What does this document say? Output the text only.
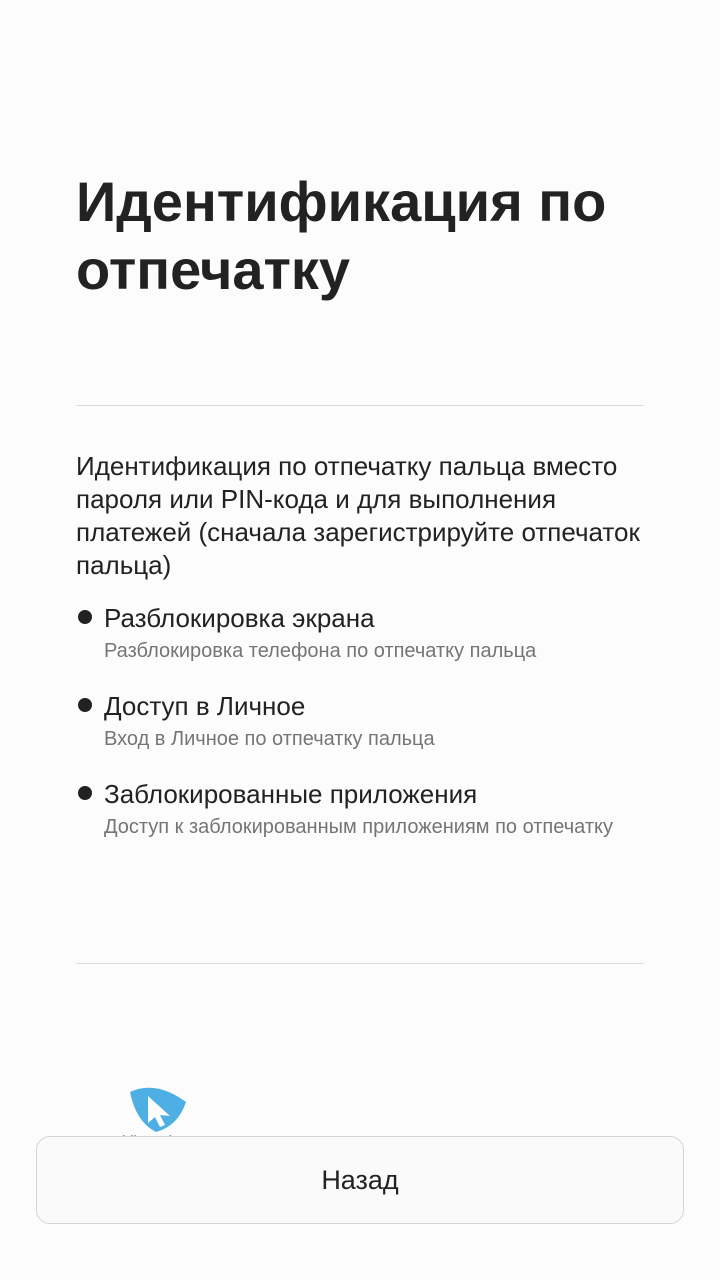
Идентификация по отпечатку

Идентификация по отпечатку пальца вместо пароля или PIN-кода и для выполнения платежей (сначала зарегистрируйте отпечаток пальца)

Разблокировка экрана
Разблокировка телефона по отпечатку пальца
Доступ в Личное
Вход в Личное по отпечатку пальца
Заблокированные приложения
Доступ к заблокированным приложениям по отпечатку
Назад
